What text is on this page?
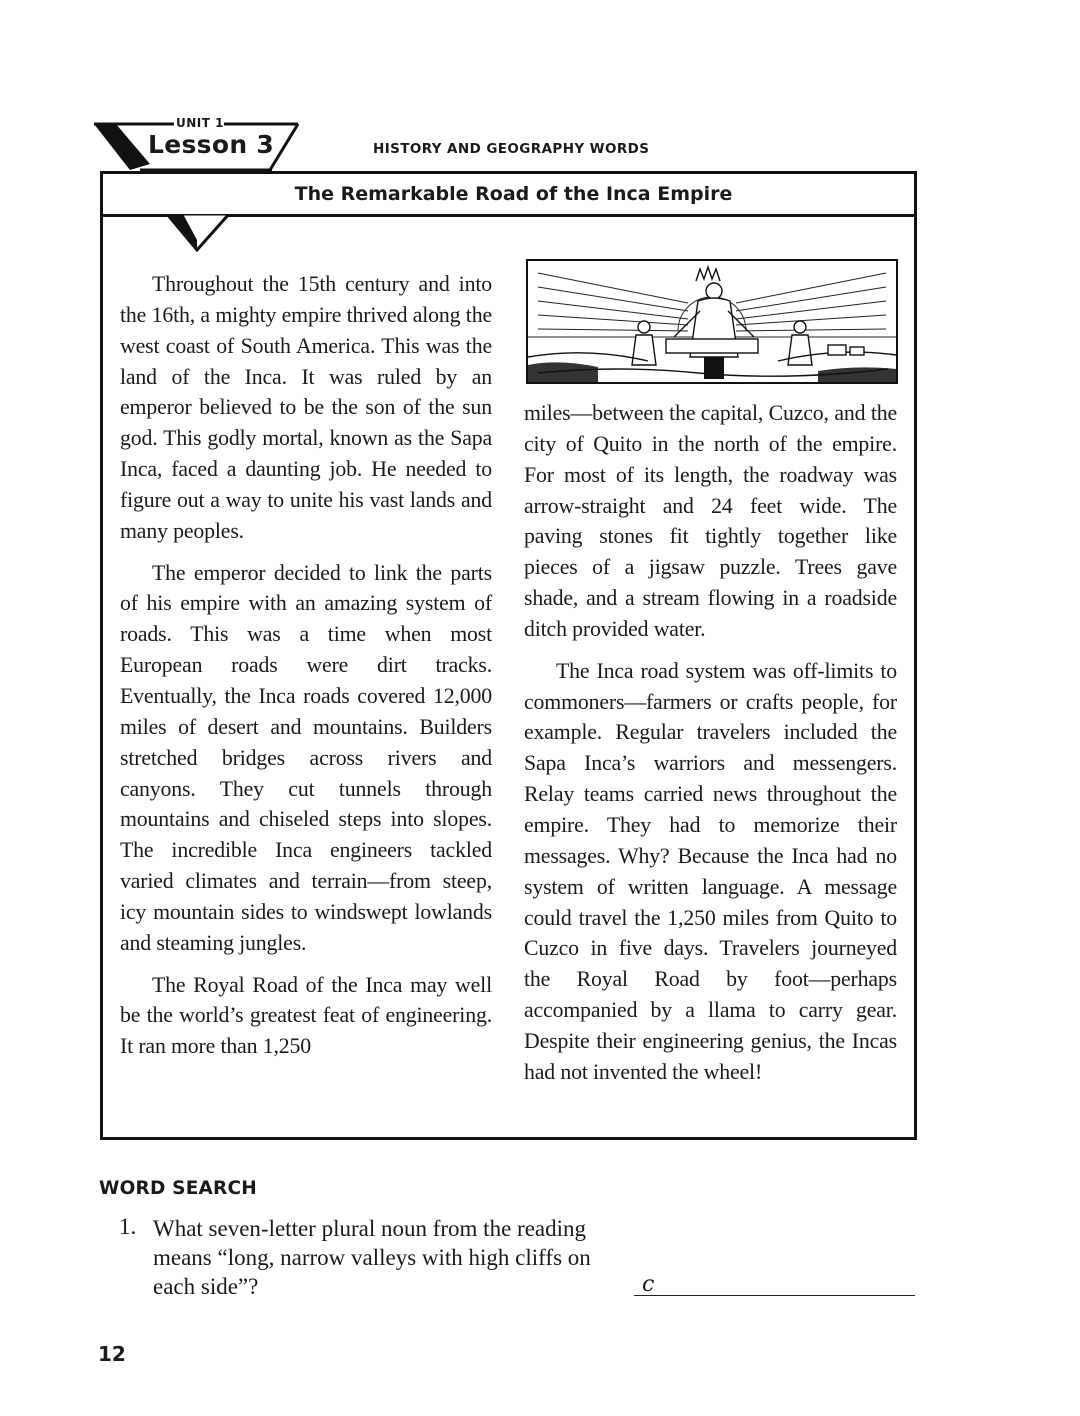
UNIT 1
Lesson 3	HISTORY AND GEOGRAPHY WORDS
The Remarkable Road of the Inca Empire

Throughout the 15th century and into the 16th, a mighty empire thrived along the west coast of South America. This was the land of the Inca. It was ruled by an emperor believed to be the son of the sun god. This godly mortal, known as the Sapa Inca, faced a daunting job. He needed to figure out a way to unite his vast lands and many peoples.

The emperor decided to link the parts of his empire with an amazing system of roads. This was a time when most European roads were dirt tracks. Eventually, the Inca roads covered 12,000 miles of desert and mountains. Builders stretched bridges across rivers and canyons. They cut tunnels through mountains and chiseled steps into slopes. The incredible Inca engineers tackled varied climates and terrain—from steep, icy mountain sides to windswept lowlands and steaming jungles.

The Royal Road of the Inca may well be the world’s greatest feat of engineering. It ran more than 1,250

miles—between the capital, Cuzco, and the city of Quito in the north of the empire. For most of its length, the roadway was arrow-straight and 24 feet wide. The paving stones fit tightly together like pieces of a jigsaw puzzle. Trees gave shade, and a stream flowing in a roadside ditch provided water.

The Inca road system was off-limits to commoners—farmers or crafts people, for example. Regular travelers included the Sapa Inca’s warriors and messengers. Relay teams carried news throughout the empire. They had to memorize their messages. Why? Because the Inca had no system of written language. A message could travel the 1,250 miles from Quito to Cuzco in five days. Travelers journeyed the Royal Road by foot—perhaps accompanied by a llama to carry gear. Despite their engineering genius, the Incas had not invented the wheel!

WORD SEARCH
1. What seven-letter plural noun from the reading means “long, narrow valleys with high cliffs on each side”?	c
12
